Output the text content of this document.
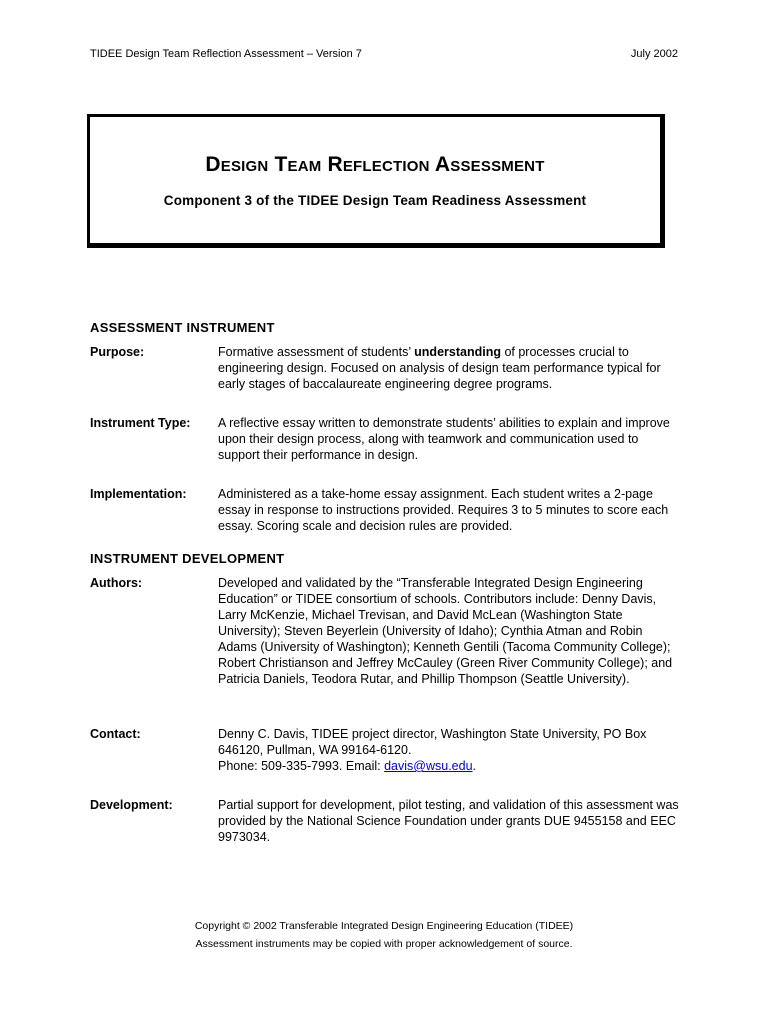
TIDEE Design Team Reflection Assessment – Version 7	July 2002
Design Team Reflection Assessment
Component 3 of the TIDEE Design Team Readiness Assessment
ASSESSMENT INSTRUMENT
Purpose:	Formative assessment of students’ understanding of processes crucial to engineering design. Focused on analysis of design team performance typical for early stages of baccalaureate engineering degree programs.
Instrument Type: A reflective essay written to demonstrate students’ abilities to explain and improve upon their design process, along with teamwork and communication used to support their performance in design.
Implementation:	Administered as a take-home essay assignment. Each student writes a 2-page essay in response to instructions provided. Requires 3 to 5 minutes to score each essay. Scoring scale and decision rules are provided.
INSTRUMENT DEVELOPMENT
Authors:	Developed and validated by the “Transferable Integrated Design Engineering Education” or TIDEE consortium of schools. Contributors include: Denny Davis, Larry McKenzie, Michael Trevisan, and David McLean (Washington State University); Steven Beyerlein (University of Idaho); Cynthia Atman and Robin Adams (University of Washington); Kenneth Gentili (Tacoma Community College); Robert Christianson and Jeffrey McCauley (Green River Community College); and Patricia Daniels, Teodora Rutar, and Phillip Thompson (Seattle University).
Contact:	Denny C. Davis, TIDEE project director, Washington State University, PO Box 646120, Pullman, WA 99164-6120.

Phone: 509-335-7993. Email: davis@wsu.edu.

Development:	Partial support for development, pilot testing, and validation of this assessment was provided by the National Science Foundation under grants DUE 9455158 and EEC 9973034.
Copyright © 2002 Transferable Integrated Design Engineering Education (TIDEE)
Assessment instruments may be copied with proper acknowledgement of source.
